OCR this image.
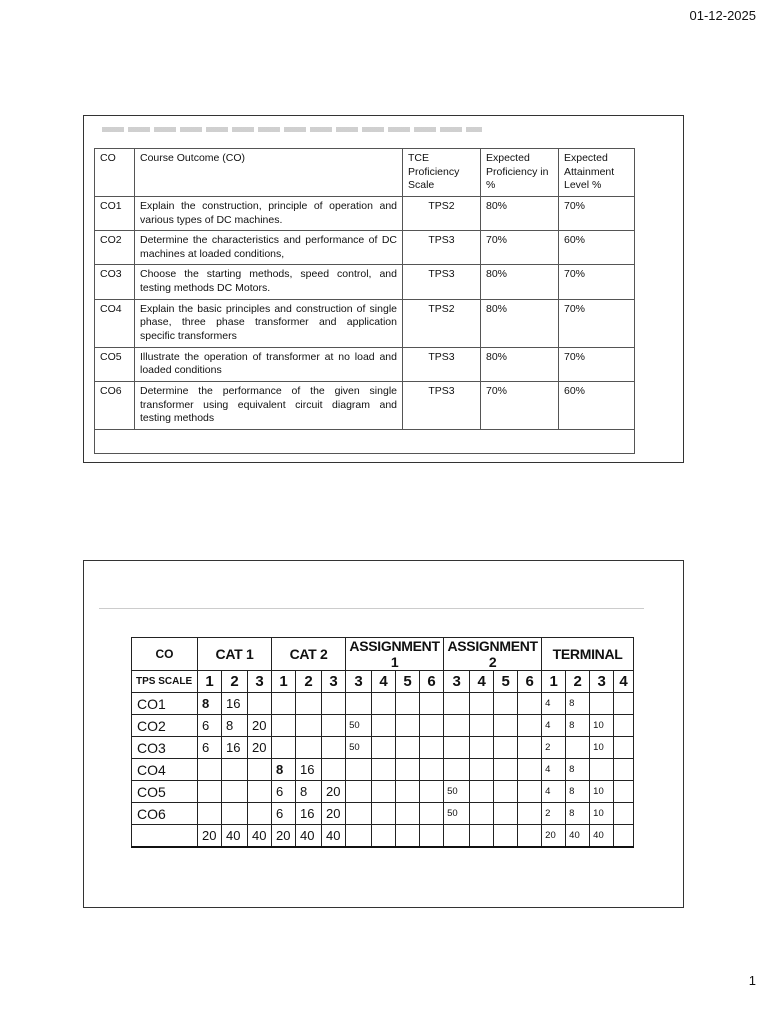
01-12-2025
CO	Course Outcome (CO)	TCE Proficiency Scale	Expected Proficiency in %	Expected Attainment Level %
CO1	Explain the construction, principle of operation and various types of DC machines.	TPS2	80%	70%
CO2	Determine the characteristics and performance of DC machines at loaded conditions,	TPS3	70%	60%
CO3	Choose the starting methods, speed control, and testing methods DC Motors.	TPS3	80%	70%
CO4	Explain the basic principles and construction of single phase, three phase transformer and application specific transformers	TPS2	80%	70%
CO5	Illustrate the operation of transformer at no load and loaded conditions	TPS3	80%	70%
CO6	Determine the performance of the given single transformer using equivalent circuit diagram and testing methods	TPS3	70%	60%
CO	CAT 1			CAT 2			ASSIGNMENT 1				ASSIGNMENT 2				TERMINAL			
TPS SCALE	1	2	3	1	2	3	3	4	5	6	3	4	5	6	1	2	3	4
CO1	8	16													4	8		
CO2	6	8	20				50								4	8	10	
CO3	6	16	20				50								2		10	
CO4				8	16										4	8		
CO5				6	8	20					50				4	8	10	
CO6				6	16	20					50				2	8	10	
	20	40	40	20	40	40									20	40	40	
1
